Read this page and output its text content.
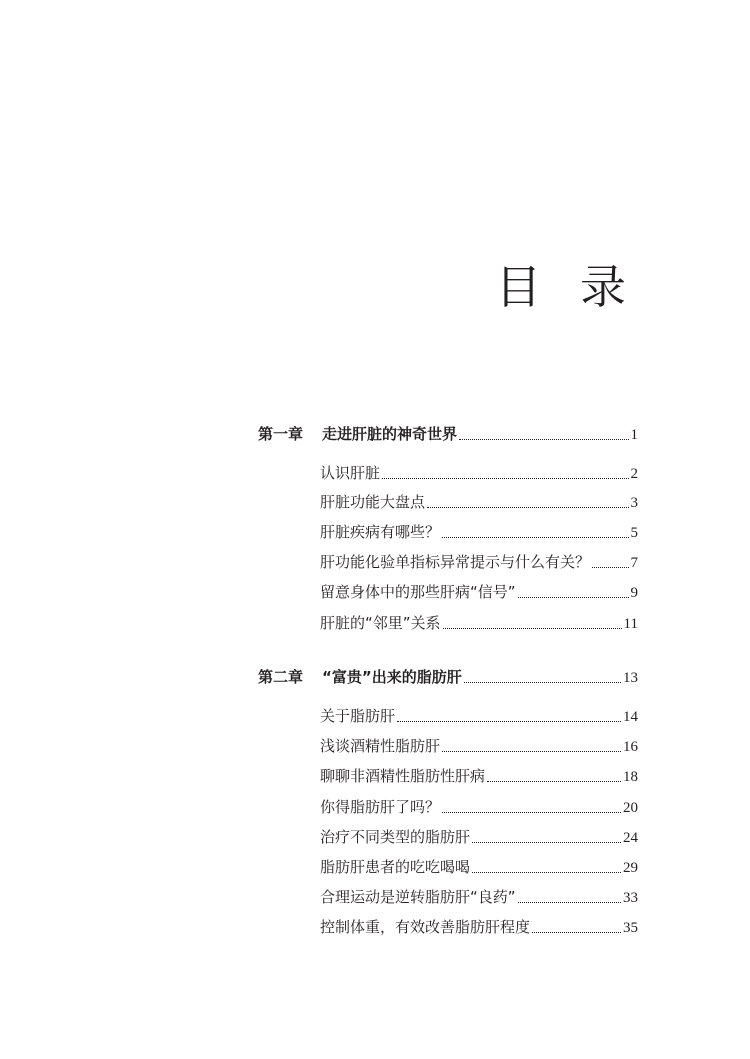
目 录
第一章	走进肝脏的神奇世界	1
认识肝脏	2
肝脏功能大盘点	3
肝脏疾病有哪些？	5
肝功能化验单指标异常提示与什么有关？	7
留意身体中的那些肝病“信号”	9
肝脏的“邻里”关系	11
第二章	“富贵”出来的脂肪肝	13
关于脂肪肝	14
浅谈酒精性脂肪肝	16
聊聊非酒精性脂肪性肝病	18
你得脂肪肝了吗？	20
治疗不同类型的脂肪肝	24
脂肪肝患者的吃吃喝喝	29
合理运动是逆转脂肪肝“良药”	33
控制体重，有效改善脂肪肝程度	35
